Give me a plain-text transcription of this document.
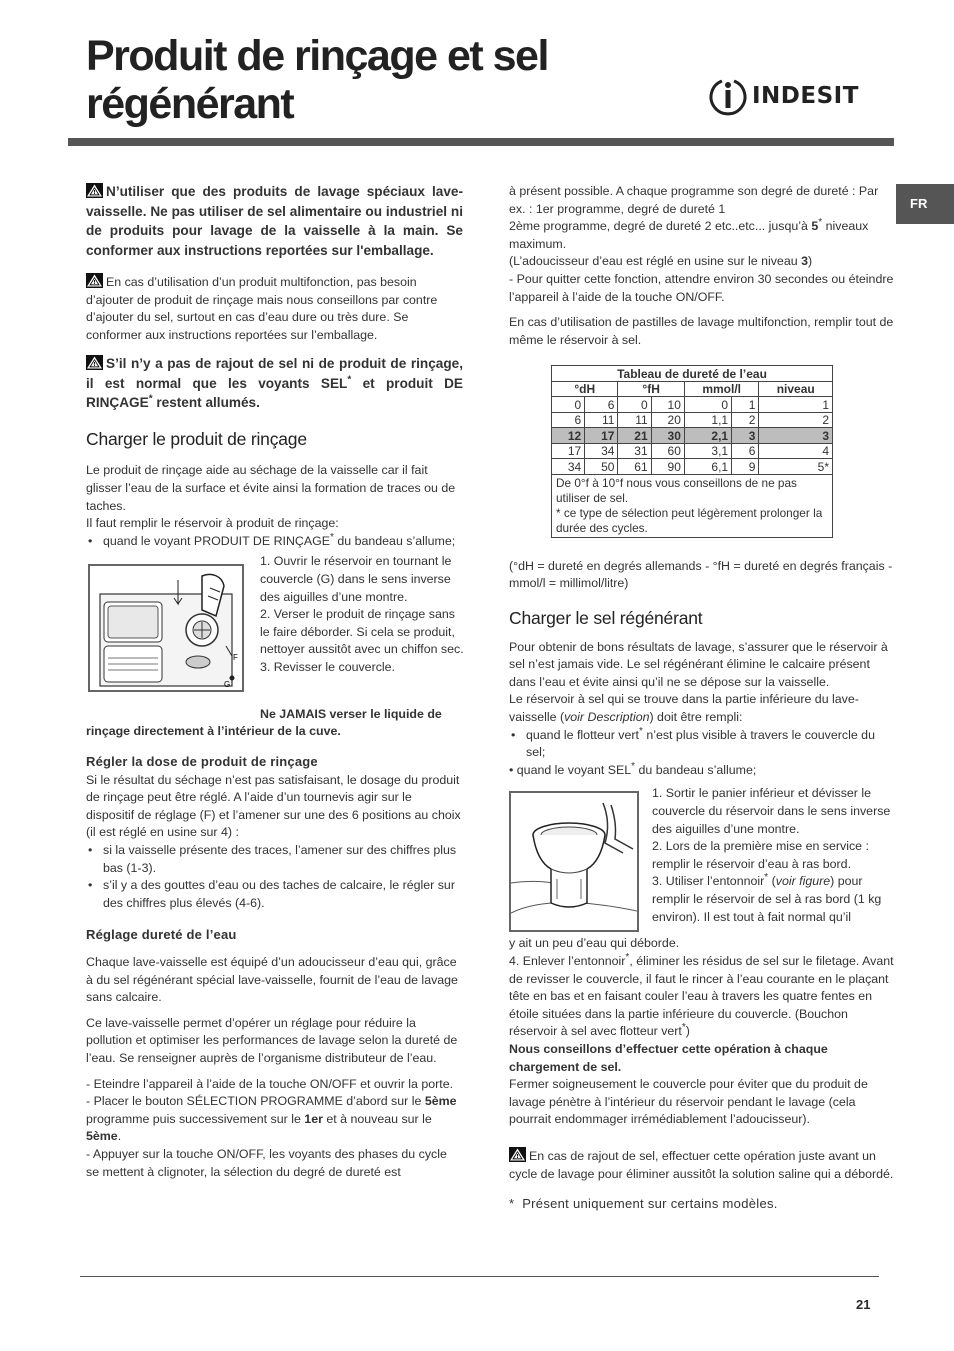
Produit de rinçage et sel
régénérant	INDESIT
FR

N’utiliser que des produits de lavage spéciaux lave-vaisselle. Ne pas utiliser de sel alimentaire ou industriel ni de produits pour lavage de la vaisselle à la main. Se conformer aux instructions reportées sur l'emballage.

En cas d’utilisation d’un produit multifonction, pas besoin d’ajouter de produit de rinçage mais nous conseillons par contre d’ajouter du sel, surtout en cas d’eau dure ou très dure. Se conformer aux instructions reportées sur l’emballage.

S’il n’y a pas de rajout de sel ni de produit de rinçage, il est normal que les voyants SEL* et produit DE RINÇAGE* restent allumés.

Charger le produit de rinçage

Le produit de rinçage aide au séchage de la vaisselle car il fait glisser l’eau de la surface et évite ainsi la formation de traces ou de taches.

Il faut remplir le réservoir à produit de rinçage:

• quand le voyant PRODUIT DE RINÇAGE* du bandeau s’allume;

F
G

1. Ouvrir le réservoir en tournant le couvercle (G) dans le sens inverse des aiguilles d’une montre.
2. Verser le produit de rinçage sans le faire déborder. Si cela se produit, nettoyer aussitôt avec un chiffon sec.
3. Revisser le couvercle.

Ne JAMAIS verser le liquide de

rinçage directement à l’intérieur de la cuve.

Régler la dose de produit de rinçage

Si le résultat du séchage n’est pas satisfaisant, le dosage du produit de rinçage peut être réglé. A l’aide d’un tournevis agir sur le dispositif de réglage (F) et l’amener sur une des 6 positions au choix (il est réglé en usine sur 4) :

• si la vaisselle présente des traces, l’amener sur des chiffres plus bas (1-3).

• s’il y a des gouttes d’eau ou des taches de calcaire, le régler sur des chiffres plus élevés (4-6).

Réglage dureté de l’eau

Chaque lave-vaisselle est équipé d’un adoucisseur d’eau qui, grâce à du sel régénérant spécial lave-vaisselle, fournit de l’eau de lavage sans calcaire.

Ce lave-vaisselle permet d’opérer un réglage pour réduire la pollution et optimiser les performances de lavage selon la dureté de l’eau. Se renseigner auprès de l’organisme distributeur de l’eau.

- Eteindre l’appareil à l’aide de la touche ON/OFF et ouvrir la porte.

- Placer le bouton SÉLECTION PROGRAMME d’abord sur le 5ème programme puis successivement sur le 1er et à nouveau sur le 5ème.

- Appuyer sur la touche ON/OFF, les voyants des phases du cycle se mettent à clignoter, la sélection du degré de dureté est

à présent possible. A chaque programme son degré de dureté : Par ex. : 1er programme, degré de dureté 1

2ème programme, degré de dureté 2 etc..etc... jusqu’à 5* niveaux maximum.

(L’adoucisseur d’eau est réglé en usine sur le niveau 3)

- Pour quitter cette fonction, attendre environ 30 secondes ou éteindre l’appareil à l’aide de la touche ON/OFF.

En cas d’utilisation de pastilles de lavage multifonction, remplir tout de même le réservoir à sel.

Tableau de dureté de l’eau						
°dH		°fH		mmol/l		niveau
0	6	0	10	0	1	1
6	11	11	20	1,1	2	2
12	17	21	30	2,1	3	3
17	34	31	60	3,1	6	4
34	50	61	90	6,1	9	5*
De 0°f à 10°f nous vous conseillons de ne pas utiliser de sel.
* ce type de sélection peut légèrement prolonger la durée des cycles.						

(°dH = dureté en degrés allemands - °fH = dureté en degrés français - mmol/l = millimol/litre)

Charger le sel régénérant

Pour obtenir de bons résultats de lavage, s’assurer que le réservoir à sel n’est jamais vide. Le sel régénérant élimine le calcaire présent dans l’eau et évite ainsi qu’il ne se dépose sur la vaisselle.

Le réservoir à sel qui se trouve dans la partie inférieure du lave-vaisselle (voir Description) doit être rempli:

• quand le flotteur vert* n’est plus visible à travers le couvercle du sel;

• quand le voyant SEL* du bandeau s’allume;

1. Sortir le panier inférieur et dévisser le couvercle du réservoir dans le sens inverse des aiguilles d’une montre.

2. Lors de la première mise en service : remplir le réservoir d’eau à ras bord.

3. Utiliser l’entonnoir* (voir figure) pour remplir le réservoir de sel à ras bord (1 kg environ). Il est tout à fait normal qu’il

y ait un peu d’eau qui déborde.

4. Enlever l’entonnoir*, éliminer les résidus de sel sur le filetage. Avant de revisser le couvercle, il faut le rincer à l’eau courante en le plaçant tête en bas et en faisant couler l’eau à travers les quatre fentes en étoile situées dans la partie inférieure du couvercle. (Bouchon réservoir à sel avec flotteur vert*)

Nous conseillons d’effectuer cette opération à chaque chargement de sel.

Fermer soigneusement le couvercle pour éviter que du produit de lavage pénètre à l’intérieur du réservoir pendant le lavage (cela pourrait endommager irrémédiablement l’adoucisseur).

En cas de rajout de sel, effectuer cette opération juste avant un cycle de lavage pour éliminer aussitôt la solution saline qui a débordé.

* Présent uniquement sur certains modèles.

21
